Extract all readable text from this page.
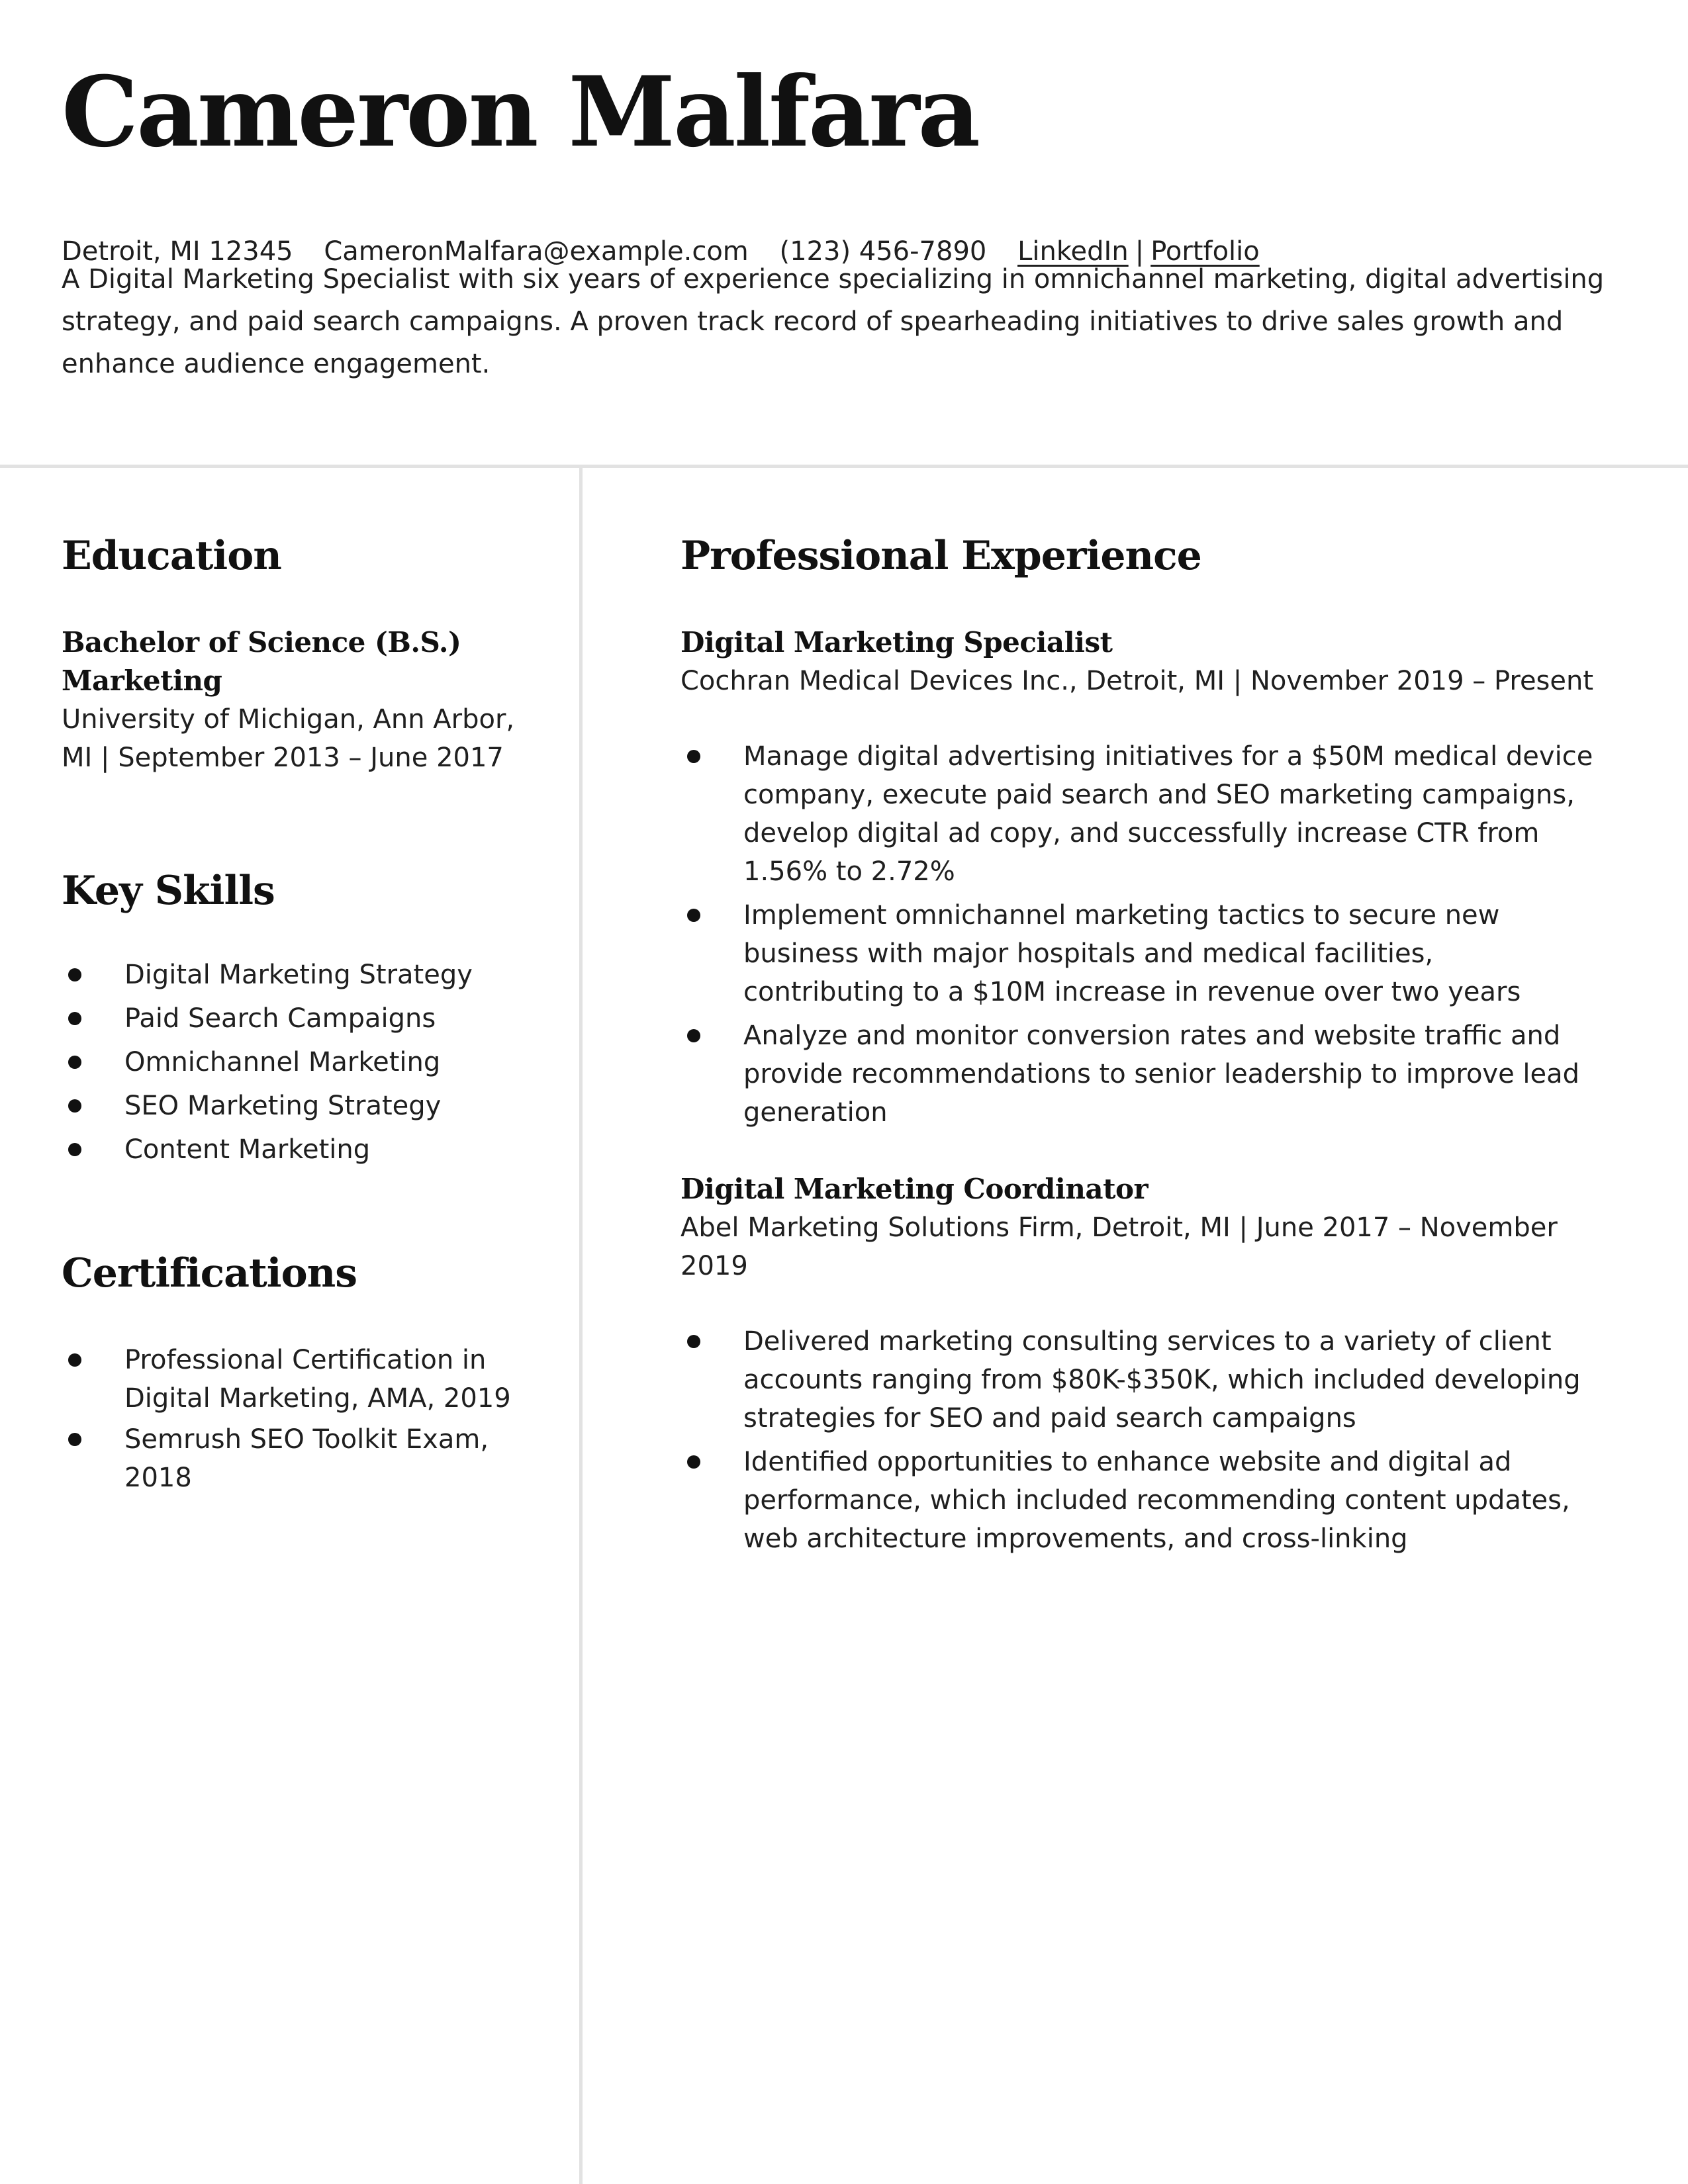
Cameron Malfara
Detroit, MI 12345 CameronMalfara@example.com (123) 456-7890 LinkedIn | Portfolio

A Digital Marketing Specialist with six years of experience specializing in omnichannel marketing, digital advertising strategy, and paid search campaigns. A proven track record of spearheading initiatives to drive sales growth and enhance audience engagement.

Education
Bachelor of Science (B.S.) Marketing

University of Michigan, Ann Arbor, MI | September 2013 – June 2017

Key Skills
Digital Marketing Strategy
Paid Search Campaigns
Omnichannel Marketing
SEO Marketing Strategy
Content Marketing
Certifications
Professional Certification in Digital Marketing, AMA, 2019
Semrush SEO Toolkit Exam, 2018
Professional Experience
Digital Marketing Specialist

Cochran Medical Devices Inc., Detroit, MI | November 2019 – Present

Manage digital advertising initiatives for a $50M medical device company, execute paid search and SEO marketing campaigns, develop digital ad copy, and successfully increase CTR from 1.56% to 2.72%
Implement omnichannel marketing tactics to secure new business with major hospitals and medical facilities, contributing to a $10M increase in revenue over two years
Analyze and monitor conversion rates and website traffic and provide recommendations to senior leadership to improve lead generation
Digital Marketing Coordinator

Abel Marketing Solutions Firm, Detroit, MI | June 2017 – November 2019

Delivered marketing consulting services to a variety of client accounts ranging from $80K-$350K, which included developing strategies for SEO and paid search campaigns
Identified opportunities to enhance website and digital ad performance, which included recommending content updates, web architecture improvements, and cross-linking
